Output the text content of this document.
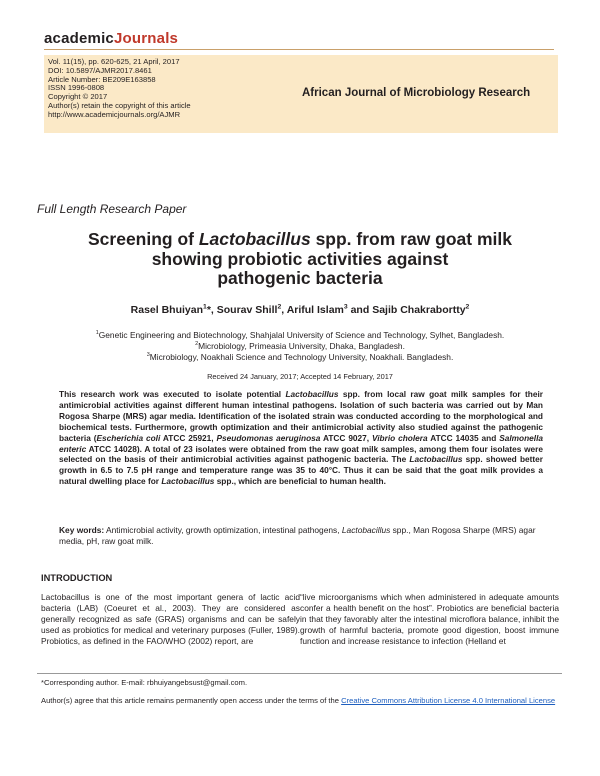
academicJournals
Vol. 11(15), pp. 620-625, 21 April, 2017
DOI: 10.5897/AJMR2017.8461
Article Number: BE209E163858
ISSN 1996-0808
Copyright © 2017
Author(s) retain the copyright of this article
http://www.academicjournals.org/AJMR
African Journal of Microbiology Research
Full Length Research Paper
Screening of Lactobacillus spp. from raw goat milk
showing probiotic activities against
pathogenic bacteria
Rasel Bhuiyan$^1$*, Sourav Shill$^2$, Ariful Islam$^3$ and Sajib Chakrabortty$^2$
$^1$Genetic Engineering and Biotechnology, Shahjalal University of Science and Technology, Sylhet, Bangladesh.
$^2$Microbiology, Primeasia University, Dhaka, Bangladesh.
$^3$Microbiology, Noakhali Science and Technology University, Noakhali. Bangladesh.
Received 24 January, 2017; Accepted 14 February, 2017
This research work was executed to isolate potential Lactobacillus spp. from local raw goat milk samples for their antimicrobial activities against different human intestinal pathogens. Isolation of such bacteria was carried out by Man Rogosa Sharpe (MRS) agar media. Identification of the isolated strain was conducted according to the morphological and biochemical tests. Furthermore, growth optimization and their antimicrobial activity also studied against the pathogenic bacteria (Escherichia coli ATCC 25921, Pseudomonas aeruginosa ATCC 9027, Vibrio cholera ATCC 14035 and Salmonella enteric ATCC 14028). A total of 23 isolates were obtained from the raw goat milk samples, among them four isolates were selected on the basis of their antimicrobial activities against pathogenic bacteria. The Lactobacillus spp. showed better growth in 6.5 to 7.5 pH range and temperature range was 35 to 40°C. Thus it can be said that the goat milk provides a natural dwelling place for Lactobacillus spp., which are beneficial to human health.
Key words: Antimicrobial activity, growth optimization, intestinal pathogens, Lactobacillus spp., Man Rogosa Sharpe (MRS) agar media, pH, raw goat milk.
INTRODUCTION
Lactobacillus is one of the most important genera of lactic acid bacteria (LAB) (Coeuret et al., 2003). They are considered as generally recognized as safe (GRAS) organisms and can be safely used as probiotics for medical and veterinary purposes (Fuller, 1989). Probiotics, as defined in the FAO/WHO (2002) report, are
“live microorganisms which when administered in adequate amounts confer a health benefit on the host”. Probiotics are beneficial bacteria in that they favorably alter the intestinal microflora balance, inhibit the growth of harmful bacteria, promote good digestion, boost immune function and increase resistance to infection (Helland et
*Corresponding author. E-mail: rbhuiyangebsust@gmail.com.
Author(s) agree that this article remains permanently open access under the terms of the Creative Commons Attribution License 4.0 International License
